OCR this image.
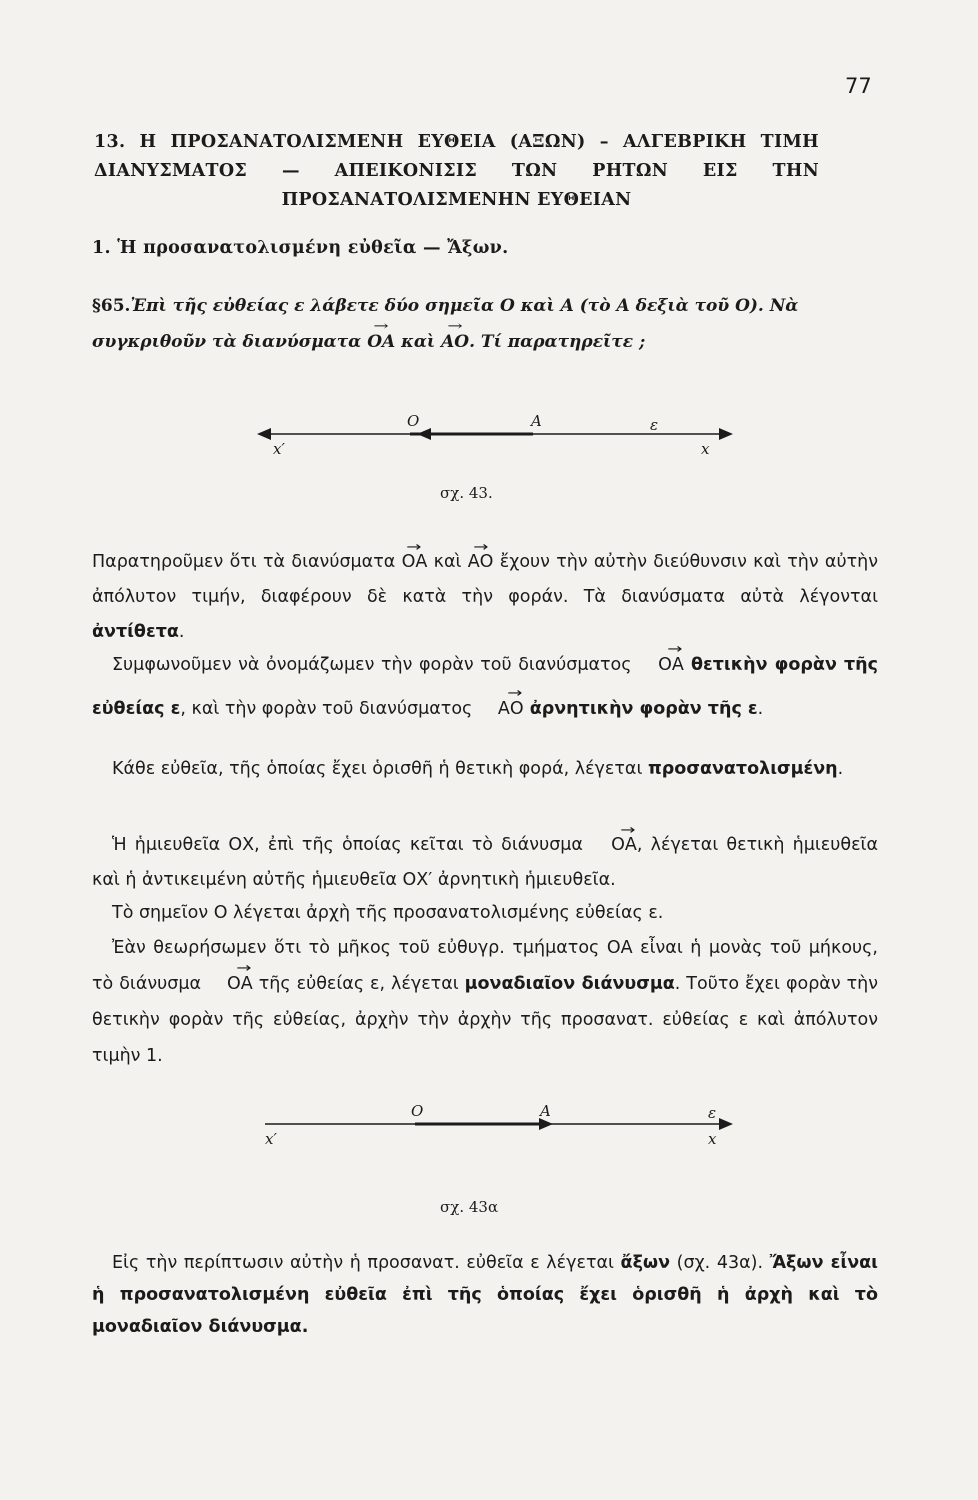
77
13. Η ΠΡΟΣΑΝΑΤΟΛΙΣΜΕΝΗ ΕΥΘΕΙΑ (ΑΞΩΝ) – ΑΛΓΕΒΡΙΚΗ ΤΙΜΗ ΔΙΑΝΥΣΜΑΤΟΣ — ΑΠΕΙΚΟΝΙΣΙΣ ΤΩΝ ΡΗΤΩΝ ΕΙΣ ΤΗΝ ΠΡΟΣΑΝΑΤΟΛΙΣΜΕΝΗΝ ΕΥΘΕΙΑΝ
1. Ἡ προσανατολισμένη εὐθεῖα — Ἄξων.
§65.Ἐπὶ τῆς εὐθείας ε λάβετε δύο σημεῖα Ο καὶ Α (τὸ Α δεξιὰ τοῦ Ο). Νὰ συγκριθοῦν τὰ διανύσματα → ΟΑ καὶ → ΑΟ. Τί παρατηρεῖτε ;
x′
O	A	ε
x
σχ. 43.
Παρατηροῦμεν ὅτι τὰ διανύσματα → ΟΑ καὶ → ΑΟ ἔχουν τὴν αὐτὴν διεύθυνσιν καὶ τὴν αὐτὴν ἀπόλυτον τιμήν, διαφέρουν δὲ κατὰ τὴν φοράν. Τὰ διανύσματα αὐτὰ λέγονται ἀντίθετα.
Συμφωνοῦμεν νὰ ὀνομάζωμεν τὴν φορὰν τοῦ διανύσματος → ΟΑ θετικὴν φορὰν τῆς εὐθείας ε, καὶ τὴν φορὰν τοῦ διανύσματος → ΑΟ ἀρνητικὴν φορὰν τῆς ε.
Κάθε εὐθεῖα, τῆς ὁποίας ἔχει ὁρισθῆ ἡ θετικὴ φορά, λέγεται προσανατολισμένη.
Ἡ ἡμιευθεῖα ΟΧ, ἐπὶ τῆς ὁποίας κεῖται τὸ διάνυσμα → ΟΑ, λέγεται θετικὴ ἡμιευθεῖα καὶ ἡ ἀντικειμένη αὐτῆς ἡμιευθεῖα ΟΧ′ ἀρνητικὴ ἡμιευθεῖα.
Τὸ σημεῖον Ο λέγεται ἀρχὴ τῆς προσανατολισμένης εὐθείας ε.
Ἐὰν θεωρήσωμεν ὅτι τὸ μῆκος τοῦ εὐθυγρ. τμήματος ΟΑ εἶναι ἡ μονὰς τοῦ μήκους, τὸ διάνυσμα → ΟΑ τῆς εὐθείας ε, λέγεται μοναδιαῖον διάνυσμα. Τοῦτο ἔχει φορὰν τὴν θετικὴν φορὰν τῆς εὐθείας, ἀρχὴν τὴν ἀρχὴν τῆς προσανατ. εὐθείας ε καὶ ἀπόλυτον τιμὴν 1.
x′
O	A	ε
x
σχ. 43α
Εἰς τὴν περίπτωσιν αὐτὴν ἡ προσανατ. εὐθεῖα ε λέγεται ἄξων (σχ. 43α). Ἄξων εἶναι ἡ προσανατολισμένη εὐθεῖα ἐπὶ τῆς ὁποίας ἔχει ὁρισθῆ ἡ ἀρχὴ καὶ τὸ μοναδιαῖον διάνυσμα.
